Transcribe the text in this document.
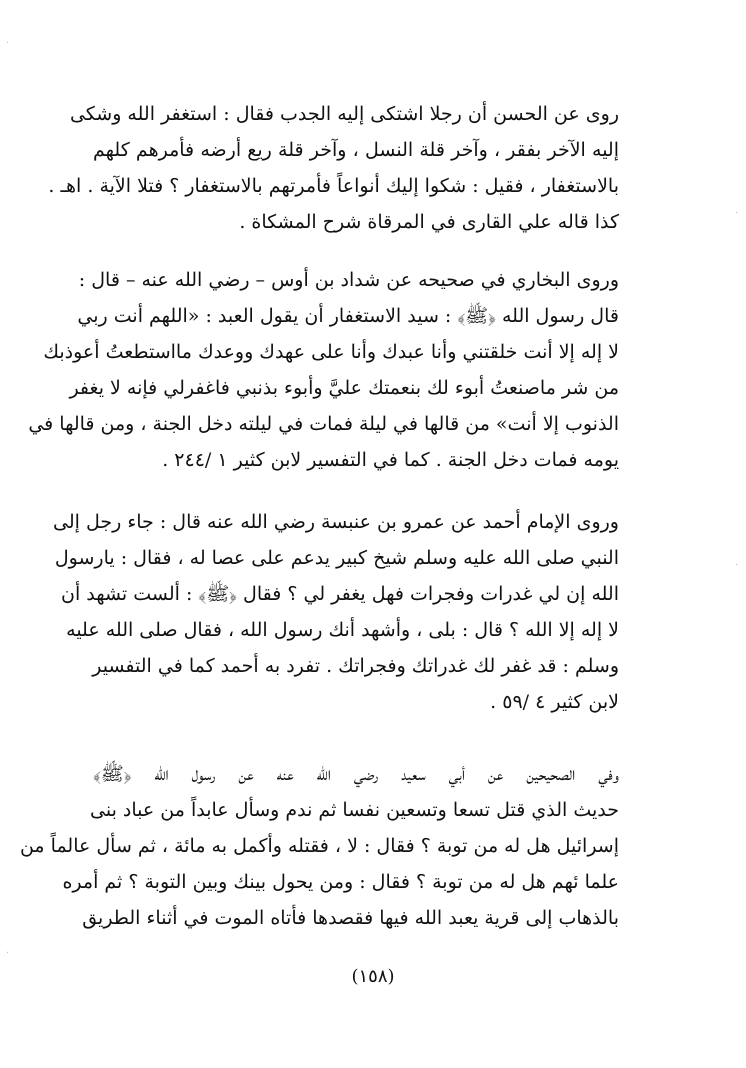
روى عن الحسن أن رجلا اشتكى إليه الجدب فقال : استغفر الله وشكى
إليه الآخر بفقر ، وآخر قلة النسل ، وآخر قلة ريع أرضه فأمرهم كلهم
بالاستغفار ، فقيل : شكوا إليك أنواعاً فأمرتهم بالاستغفار ؟ فتلا الآية . اهـ .
كذا قاله علي القارى في المرقاة شرح المشكاة .
وروى البخاري في صحيحه عن شداد بن أوس – رضي الله عنه – قال :
قال رسول الله ﴿ﷺ﴾ : سيد الاستغفار أن يقول العبد : «اللهم أنت ربي
لا إله إلا أنت خلقتني وأنا عبدك وأنا على عهدك ووعدك مااستطعتُ أعوذبك
من شر ماصنعتُ أبوء لك بنعمتك عليَّ وأبوء بذنبي فاغفرلي فإنه لا يغفر
الذنوب إلا أنت» من قالها في ليلة فمات في ليلته دخل الجنة ، ومن قالها في
يومه فمات دخل الجنة . كما في التفسير لابن كثير ١ /٢٤٤ .
وروى الإمام أحمد عن عمرو بن عنبسة رضي الله عنه قال : جاء رجل إلى
النبي صلى الله عليه وسلم شيخ كبير يدعم على عصا له ، فقال : يارسول
الله إن لي غدرات وفجرات فهل يغفر لي ؟ فقال ﴿ﷺ﴾ : ألست تشهد أن
لا إله إلا الله ؟ قال : بلى ، وأشهد أنك رسول الله ، فقال صلى الله عليه
وسلم : قد غفر لك غدراتك وفجراتك . تفرد به أحمد كما في التفسير
لابن كثير ٤ /٥٩ .
وفي الصحيحين عن أبي سعيد رضي الله عنه عن رسول الله ﴿ﷺ﴾
حديث الذي قتل تسعا وتسعين نفسا ثم ندم وسأل عابداً من عباد بنى
إسرائيل هل له من توبة ؟ فقال : لا ، فقتله وأكمل به مائة ، ثم سأل عالماً من
علما ئهم هل له من توبة ؟ فقال : ومن يحول بينك وبين التوبة ؟ ثم أمره
بالذهاب إلى قرية يعبد الله فيها فقصدها فأتاه الموت في أثناء الطريق
(١٥٨)
·
·
·
·
